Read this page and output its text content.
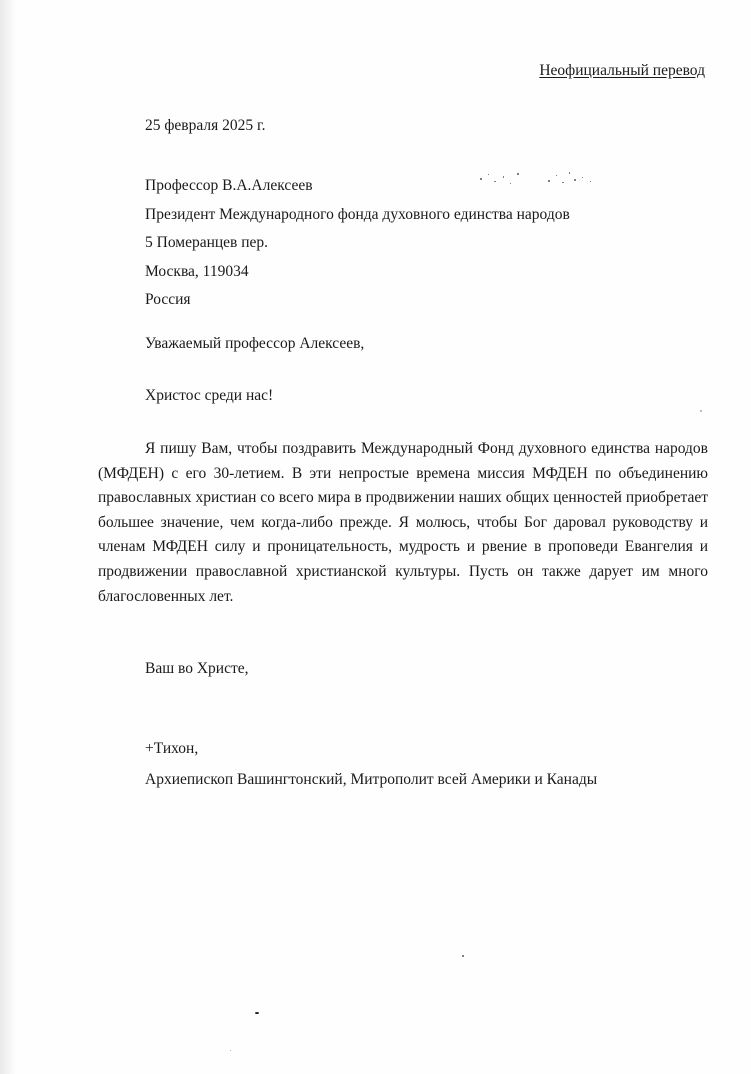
Неофициальный перевод
25 февраля 2025 г.
Профессор В.А.Алексеев
Президент Международного фонда духовного единства народов
5 Померанцев пер.
Москва, 119034
Россия
Уважаемый профессор Алексеев,
Христос среди нас!

Я пишу Вам, чтобы поздравить Международный Фонд духовного единства народов (МФДЕН) с его 30-летием. В эти непростые времена миссия МФДЕН по объединению православных христиан со всего мира в продвижении наших общих ценностей приобретает большее значение, чем когда-либо прежде. Я молюсь, чтобы Бог даровал руководству и членам МФДЕН силу и проницательность, мудрость и рвение в проповеди Евангелия и продвижении православной христианской культуры. Пусть он также дарует им много благословенных лет.

Ваш во Христе,
+Тихон,
Архиепископ Вашингтонский, Митрополит всей Америки и Канады
